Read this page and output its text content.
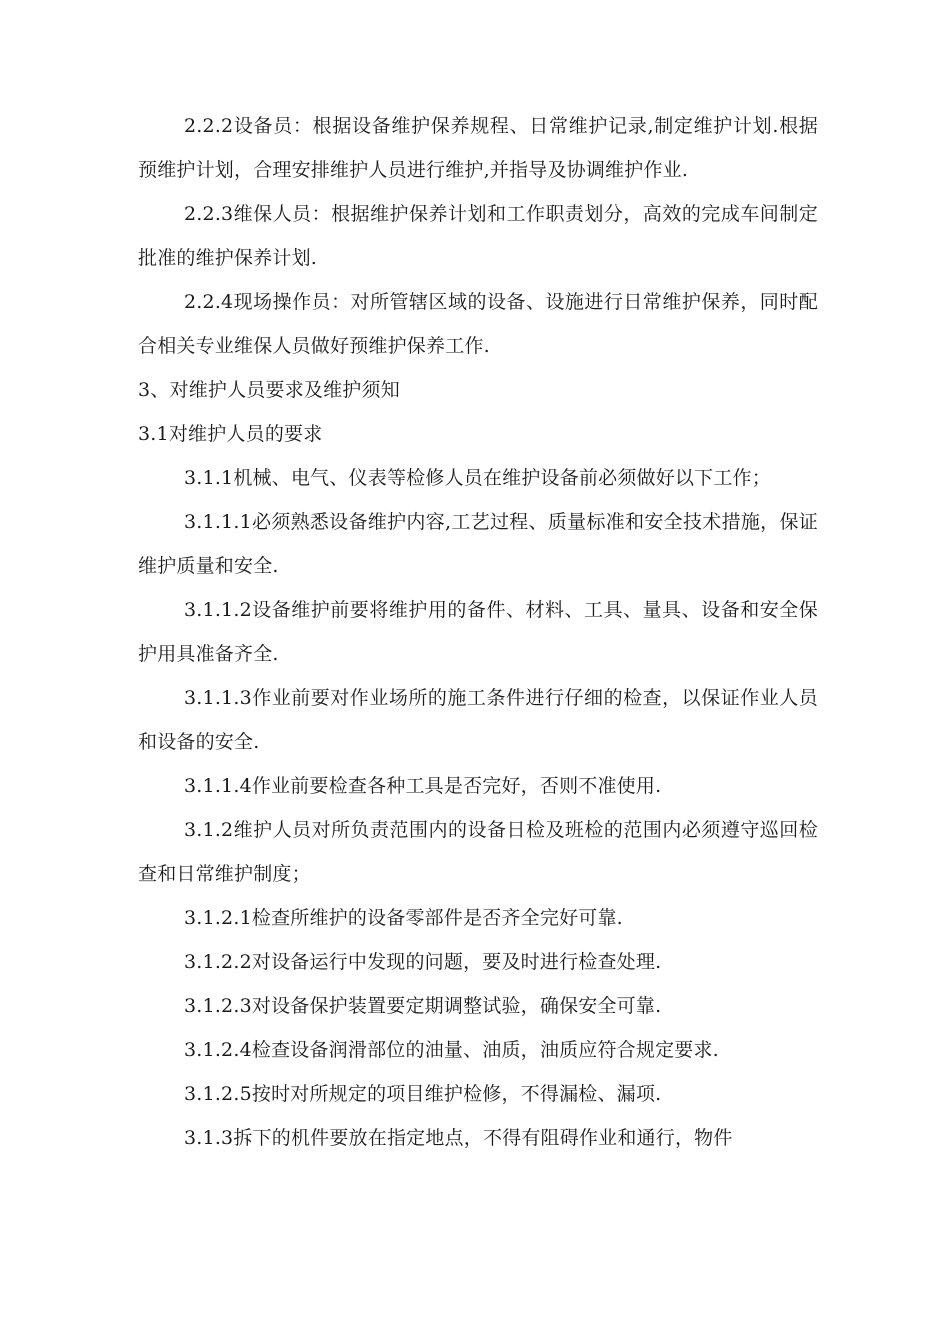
2.2.2设备员：根据设备维护保养规程、日常维护记录,制定维护计划.根据预维护计划，合理安排维护人员进行维护,并指导及协调维护作业.

2.2.3维保人员：根据维护保养计划和工作职责划分，高效的完成车间制定批准的维护保养计划.

2.2.4现场操作员：对所管辖区域的设备、设施进行日常维护保养，同时配合相关专业维保人员做好预维护保养工作.

3、对维护人员要求及维护须知

3.1对维护人员的要求

3.1.1机械、电气、仪表等检修人员在维护设备前必须做好以下工作；

3.1.1.1必须熟悉设备维护内容,工艺过程、质量标准和安全技术措施，保证维护质量和安全.

3.1.1.2设备维护前要将维护用的备件、材料、工具、量具、设备和安全保护用具准备齐全.

3.1.1.3作业前要对作业场所的施工条件进行仔细的检查，以保证作业人员和设备的安全.

3.1.1.4作业前要检查各种工具是否完好，否则不准使用.

3.1.2维护人员对所负责范围内的设备日检及班检的范围内必须遵守巡回检查和日常维护制度；

3.1.2.1检查所维护的设备零部件是否齐全完好可靠.

3.1.2.2对设备运行中发现的问题，要及时进行检查处理.

3.1.2.3对设备保护装置要定期调整试验，确保安全可靠.

3.1.2.4检查设备润滑部位的油量、油质，油质应符合规定要求.

3.1.2.5按时对所规定的项目维护检修，不得漏检、漏项.

3.1.3拆下的机件要放在指定地点，不得有阻碍作业和通行，物件
